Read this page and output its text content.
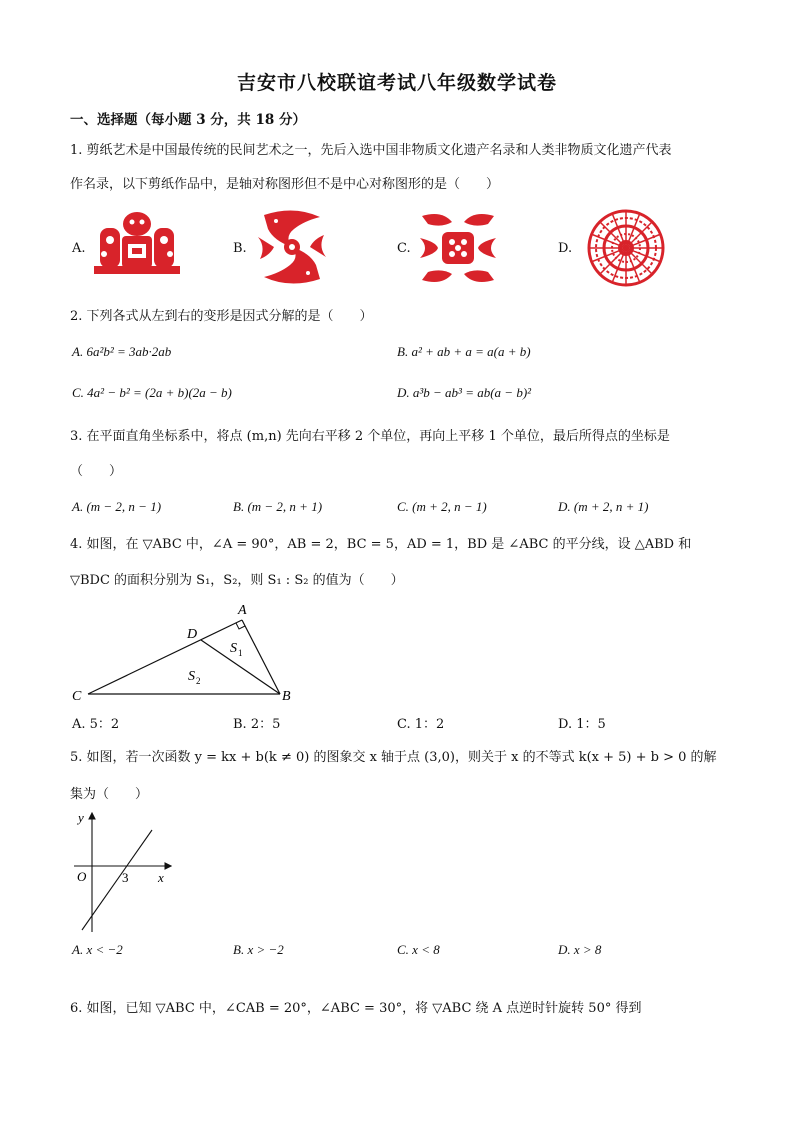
吉安市八校联谊考试八年级数学试卷
一、选择题（每小题 3 分，共 18 分）
1. 剪纸艺术是中国最传统的民间艺术之一，先后入选中国非物质文化遗产名录和人类非物质文化遗产代表
作名录，以下剪纸作品中，是轴对称图形但不是中心对称图形的是（　　）
A.	B.	C.	D.
2. 下列各式从左到右的变形是因式分解的是（　　）
A. 6a²b² = 3ab·2ab	B. a² + ab + a = a(a + b)
C. 4a² − b² = (2a + b)(2a − b)	D. a³b − ab³ = ab(a − b)²
3. 在平面直角坐标系中，将点 (m,n) 先向右平移 2 个单位，再向上平移 1 个单位，最后所得点的坐标是
（　　）
A. (m − 2, n − 1)	B. (m − 2, n + 1)	C. (m + 2, n − 1)	D. (m + 2, n + 1)
4. 如图，在 ▽ABC 中，∠A = 90°，AB = 2，BC = 5，AD = 1，BD 是 ∠ABC 的平分线，设 △ABD 和
▽BDC 的面积分别为 S₁，S₂，则 S₁ : S₂ 的值为（　　）
A
B
C
D
S 1
S 2
A. 5：2	B. 2：5	C. 1：2	D. 1：5
5. 如图，若一次函数 y = kx + b(k ≠ 0) 的图象交 x 轴于点 (3,0)，则关于 x 的不等式 k(x + 5) + b > 0 的解
集为（　　）
y
x
O	3
A. x < −2	B. x > −2	C. x < 8	D. x > 8
6. 如图，已知 ▽ABC 中，∠CAB = 20°，∠ABC = 30°，将 ▽ABC 绕 A 点逆时针旋转 50° 得到
